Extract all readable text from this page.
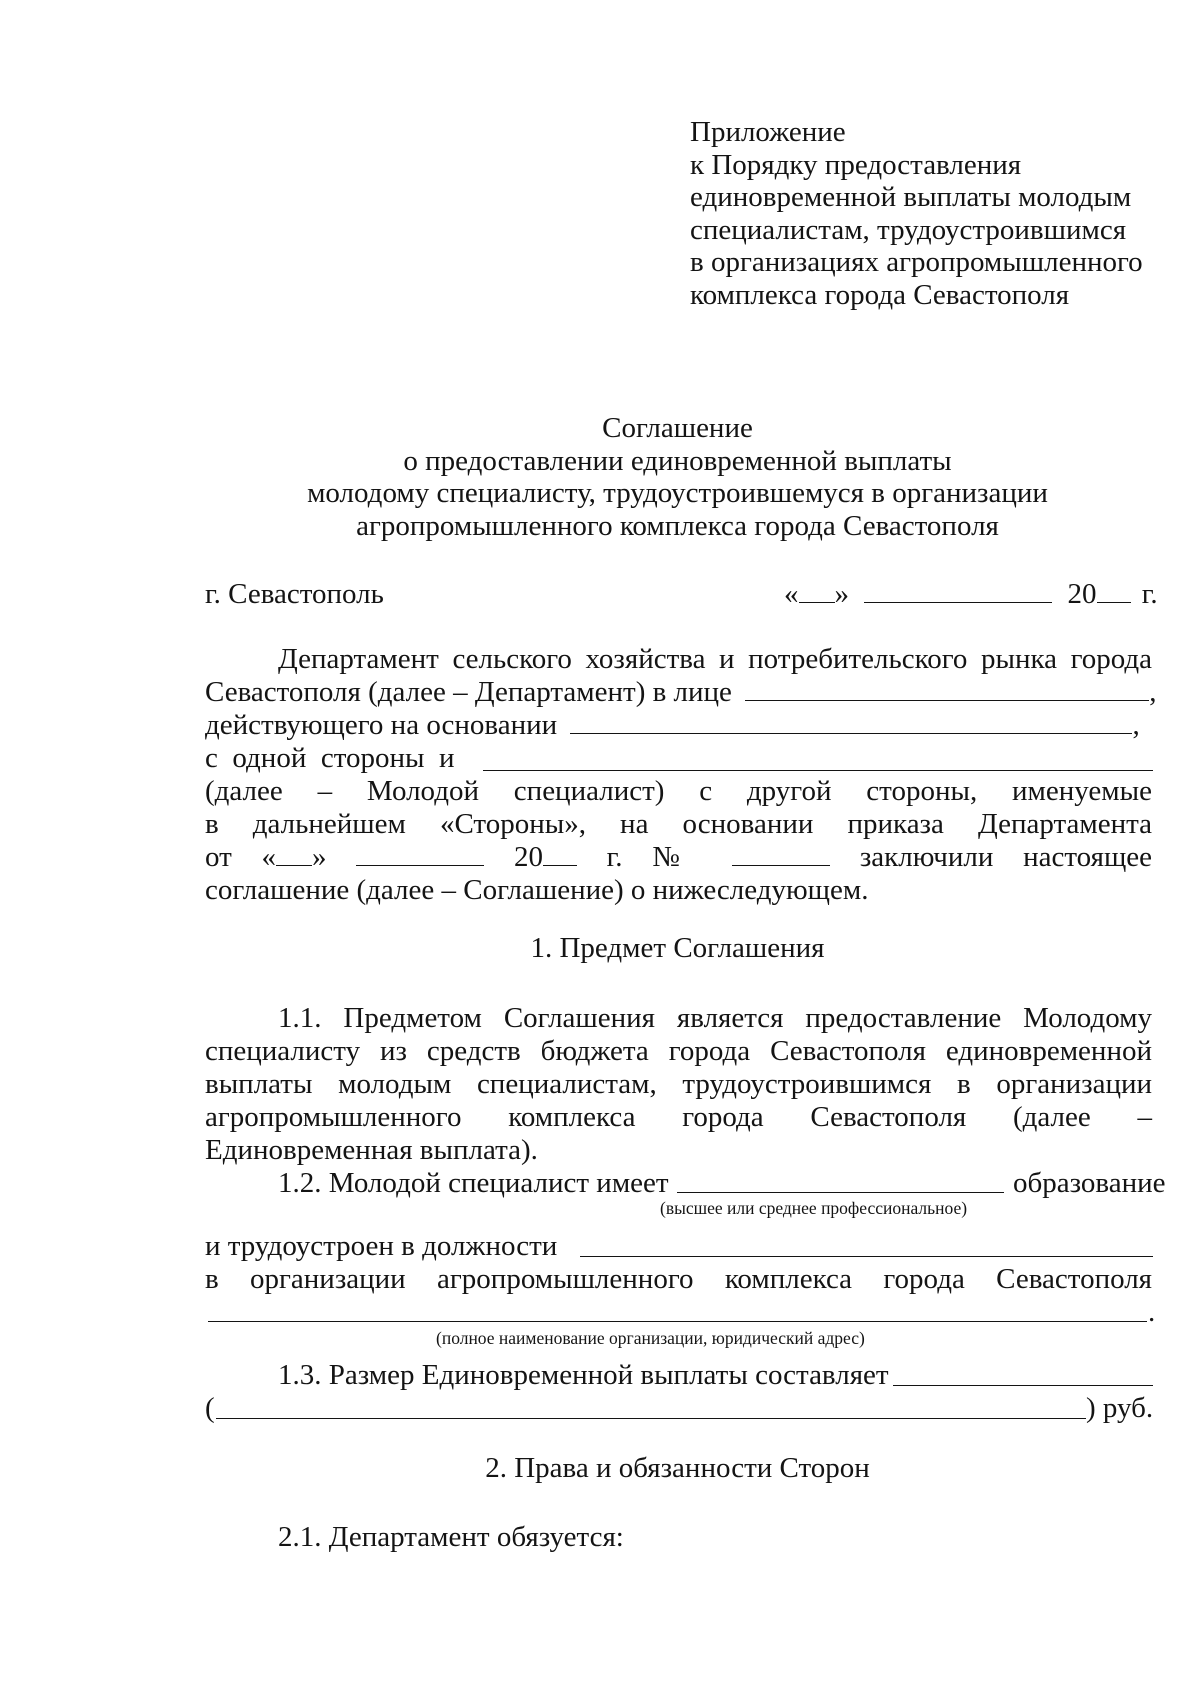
Приложение
к Порядку предоставления
единовременной выплаты молодым
специалистам, трудоустроившимся
в организациях агропромышленного
комплекса города Севастополя
Соглашение
о предоставлении единовременной выплаты
молодому специалисту, трудоустроившемуся в организации
агропромышленного комплекса города Севастополя
г. Севастополь	« »	20 г.
Департамент сельского хозяйства и потребительского рынка города
Севастополя (далее – Департамент) в лице	,
действующего на основании	,
с одной стороны и
(далее – Молодой специалист) с другой стороны, именуемые
в дальнейшем «Стороны», на основании приказа Департамента
от « »	20 г. №	заключили настоящее
соглашение (далее – Соглашение) о нижеследующем.
1. Предмет Соглашения
1.1. Предметом Соглашения является предоставление Молодому
специалисту из средств бюджета города Севастополя единовременной
выплаты молодым специалистам, трудоустроившимся в организации
агропромышленного комплекса города Севастополя (далее –
Единовременная выплата).
1.2. Молодой специалист имеет	образование
(высшее или среднее профессиональное)
и трудоустроен в должности
в организации агропромышленного комплекса города Севастополя
.
(полное наименование организации, юридический адрес)
1.3. Размер Единовременной выплаты составляет
(	) руб.
2. Права и обязанности Сторон
2.1. Департамент обязуется:
